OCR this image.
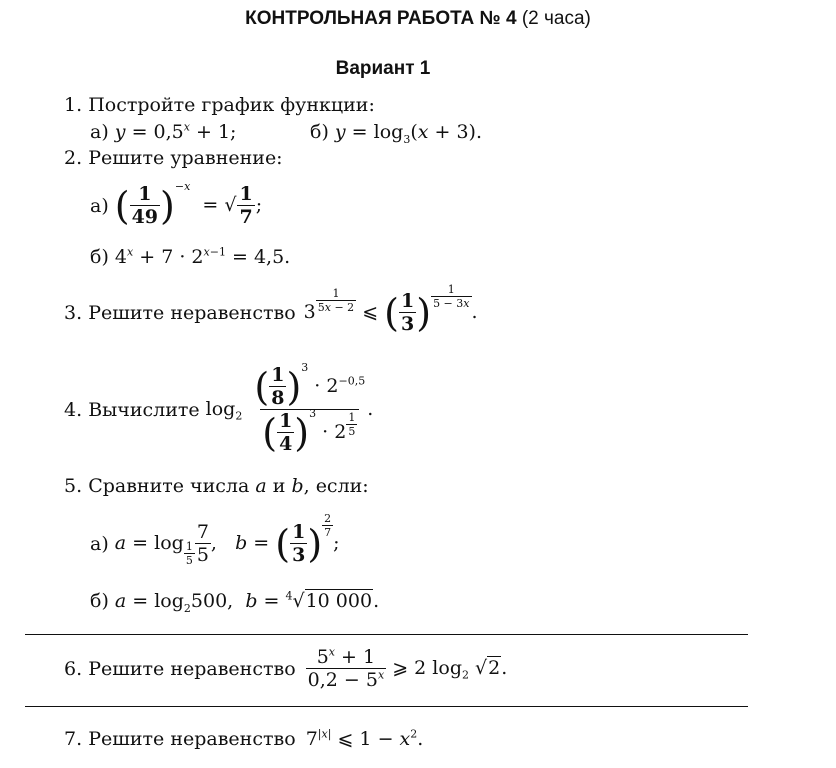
КОНТРОЛЬНАЯ РАБОТА № 4 (2 часа)
Вариант 1
1. Постройте график функции:
а) $y = 0,5^x + 1$;	б) $y = \log_3(x + 3)$.
2. Решите уравнение:
а) ( $\frac{1}{49} )^{-x}$  = √ $\frac{1}{7}$ ;
б) $4^x + 7 \cdot 2^{x-1} = 4,5$.
3.
Решите неравенство $3 \frac{1}{5x - 2}$ ⩽ ( $\frac{1}{3}$ ) $\frac{1}{5 - 3x}$
.
4.
Вычислите $\log_2 \frac{( \frac{1}{8} )^3 \cdot 2^{-0,5}}{( \frac{1}{4} )^3 \cdot 2 \frac{1}{5}}$ .
5. Сравните числа a и b, если:
а)
$a = \log \frac{1}{5} \frac{7}{5}$ ,   b = ( $\frac{1}{3}$ ) $\frac{2}{7}$
;
б) $a = \log_2500$,  b = $^4$√10 000.
6.
Решите неравенство $\frac{5^x + 1}{0,2 - 5^x}$ ⩾ 2 $\log_2 √2$.
7. Решите неравенство $7^{|x|}$ ⩽ $1 - x^2$.
